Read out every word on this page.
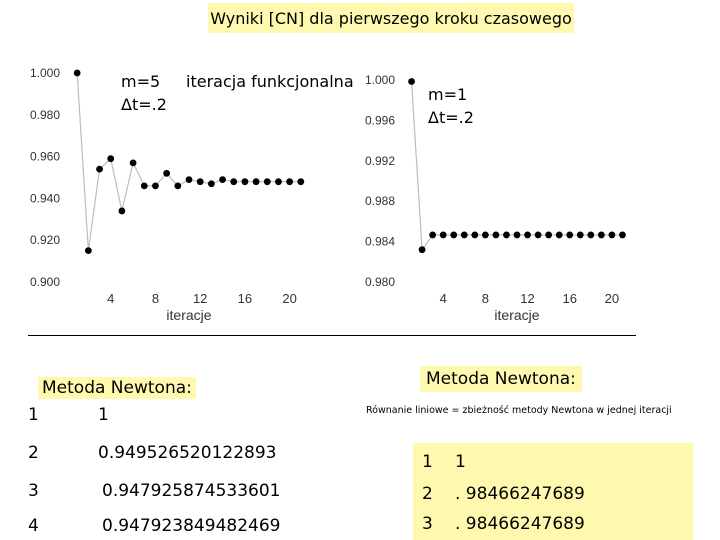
Wyniki [CN] dla pierwszego kroku czasowego
1.000
0.980
0.960
0.940
0.920
0.900
4	8	12 16 20
iteracje
m=5
Δt=.2
iteracja funkcjonalna 1.000
0.996
0.992
0.988
0.984
0.980
4	8 12 16 20
iteracje
m=1
Δt=.2
Metoda Newtona:
1	1
2	0.949526520122893
3	0.947925874533601
4	0.947923849482469
Metoda Newtona:
Równanie liniowe = zbieżność metody Newtona w jednej iteracji
1 1
2 . 98466247689
3 . 98466247689
